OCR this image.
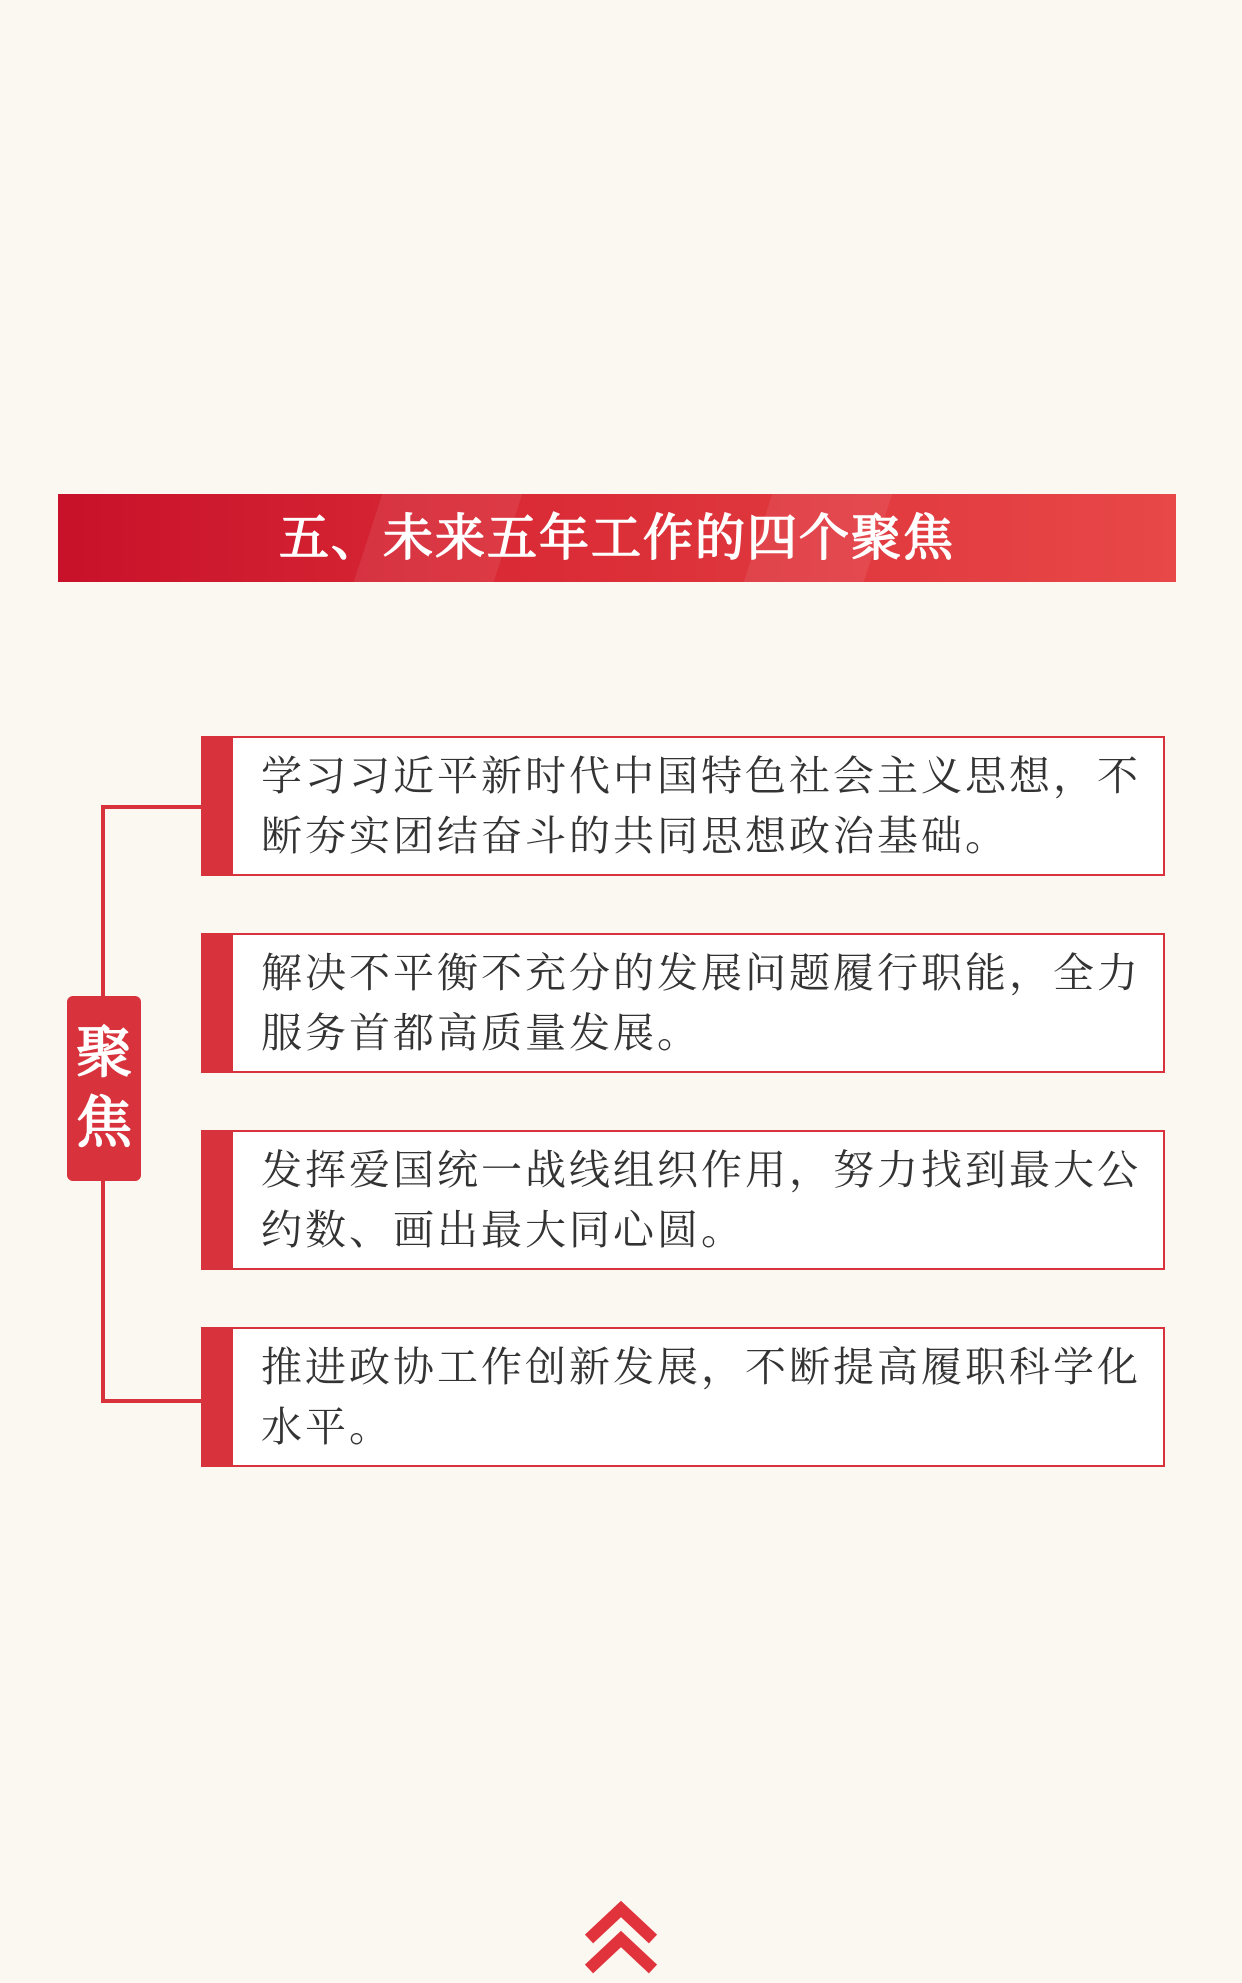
五、未来五年工作的四个聚焦
聚
焦
学习习近平新时代中国特色社会主义思想，不断夯实团结奋斗的共同思想政治基础。
解决不平衡不充分的发展问题履行职能，全力服务首都高质量发展。
发挥爱国统一战线组织作用，努力找到最大公约数、画出最大同心圆。
推进政协工作创新发展，不断提高履职科学化水平。
